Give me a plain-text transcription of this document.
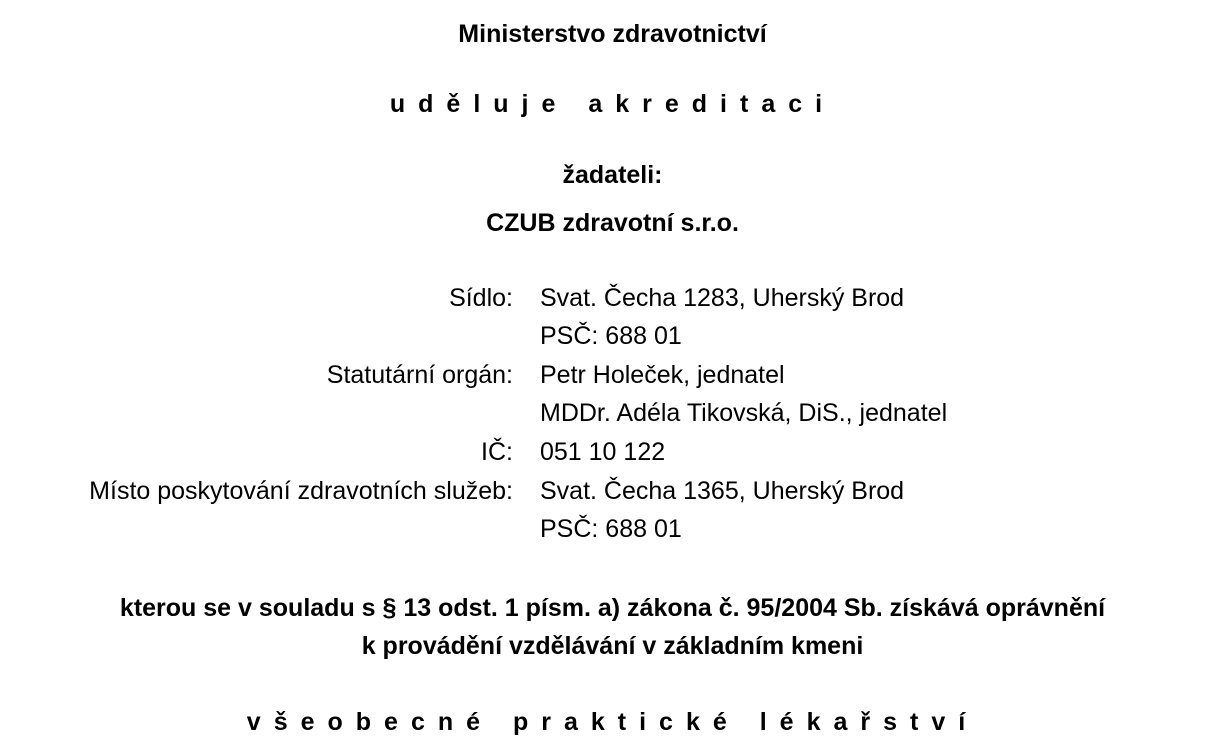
Ministerstvo zdravotnictví
uděluje akreditaci
žadateli:
CZUB zdravotní s.r.o.
Sídlo: Svat. Čecha 1283, Uherský Brod
PSČ: 688 01
Statutární orgán: Petr Holeček, jednatel
MDDr. Adéla Tikovská, DiS., jednatel
IČ: 051 10 122
Místo poskytování zdravotních služeb: Svat. Čecha 1365, Uherský Brod
PSČ: 688 01
kterou se v souladu s § 13 odst. 1 písm. a) zákona č. 95/2004 Sb. získává oprávnění
k provádění vzdělávání v základním kmeni
všeobecné praktické lékařství
